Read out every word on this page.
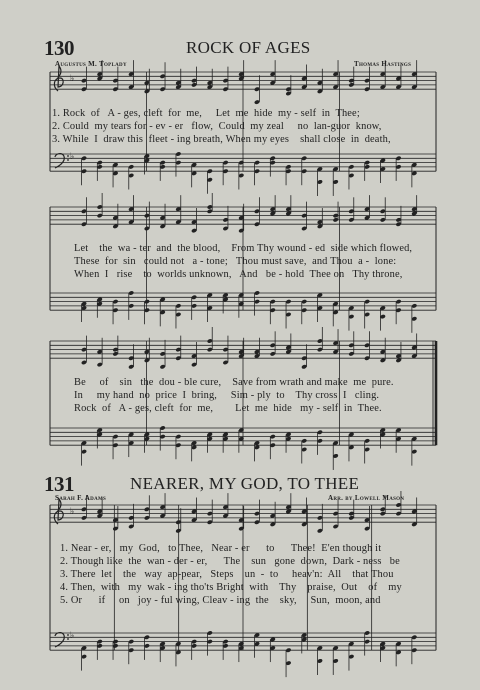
130	ROCK OF AGES
Augustus M. Toplady	Thomas Hastings
♭
♭
1. Rock  of   A - ges, cleft  for  me,     Let  me  hide  my - self  in  Thee;
2. Could  my tears for - ev - er   flow,  Could  my zeal     no  lan-guor  know,
3. While  I  draw this  fleet - ing breath, When my eyes    shall close  in  death,
Let    the  wa - ter  and  the blood,    From Thy wound - ed  side which flowed,
These  for  sin   could not   a - tone;   Thou must save,  and Thou  a -  lone:
When  I   rise    to  worlds unknown,   And   be - hold  Thee on   Thy throne,
Be     of    sin   the  dou - ble cure,    Save from wrath and make  me  pure.
In     my hand  no  price  I  bring,     Sim - ply  to    Thy cross  I   cling.
Rock  of   A - ges, cleft  for  me,        Let  me  hide   my - self  in  Thee.
131	NEARER, MY GOD, TO THEE
Sarah F. Adams	Arr. by Lowell Mason
♭
♭
1. Near - er,   my  God,   to Thee,   Near - er      to      Thee!  E'en though it
2. Though like  the  wan - der - er,      The    sun   gone  down,  Dark - ness   be
3. There  let    the   way  ap-pear,   Steps    un  -  to     heav'n:  All    that Thou
4. Then,  with   my  wak - ing tho'ts Bright  with    Thy    praise,  Out    of    my
5. Or      if     on   joy - ful wing, Cleav - ing  the    sky,     Sun,  moon, and
